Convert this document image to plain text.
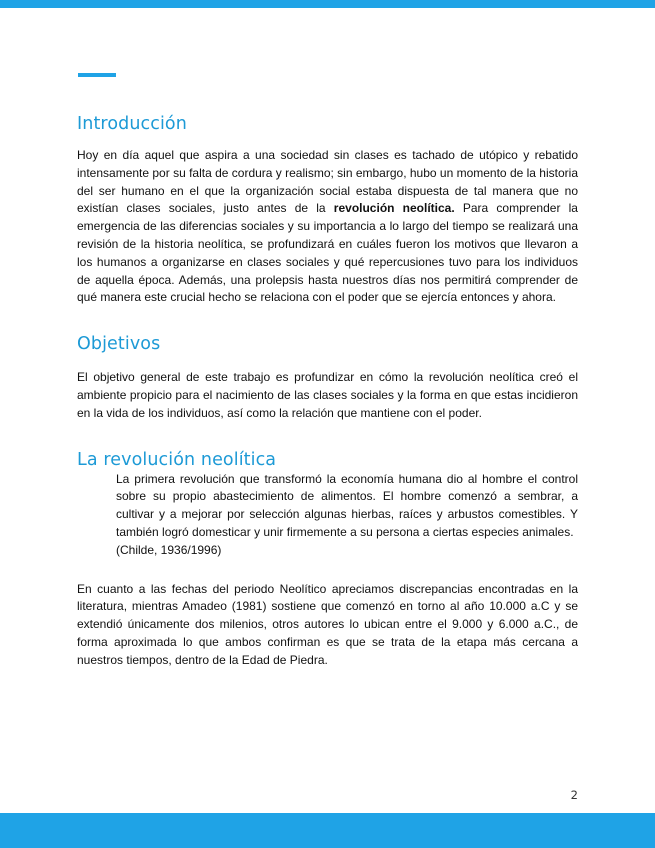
Introducción

Hoy en día aquel que aspira a una sociedad sin clases es tachado de utópico y rebatido intensamente por su falta de cordura y realismo; sin embargo, hubo un momento de la historia del ser humano en el que la organización social estaba dispuesta de tal manera que no existían clases sociales, justo antes de la revolución neolítica. Para comprender la emergencia de las diferencias sociales y su importancia a lo largo del tiempo se realizará una revisión de la historia neolítica, se profundizará en cuáles fueron los motivos que llevaron a los humanos a organizarse en clases sociales y qué repercusiones tuvo para los individuos de aquella época. Además, una prolepsis hasta nuestros días nos permitirá comprender de qué manera este crucial hecho se relaciona con el poder que se ejercía entonces y ahora.

Objetivos

El objetivo general de este trabajo es profundizar en cómo la revolución neolítica creó el ambiente propicio para el nacimiento de las clases sociales y la forma en que estas incidieron en la vida de los individuos, así como la relación que mantiene con el poder.

La revolución neolítica

La primera revolución que transformó la economía humana dio al hombre el control sobre su propio abastecimiento de alimentos. El hombre comenzó a sembrar, a cultivar y a mejorar por selección algunas hierbas, raíces y arbustos comestibles. Y también logró domesticar y unir firmemente a su persona a ciertas especies animales.

(Childe, 1936/1996)

En cuanto a las fechas del periodo Neolítico apreciamos discrepancias encontradas en la literatura, mientras Amadeo (1981) sostiene que comenzó en torno al año 10.000 a.C y se extendió únicamente dos milenios, otros autores lo ubican entre el 9.000 y 6.000 a.C., de forma aproximada lo que ambos confirman es que se trata de la etapa más cercana a nuestros tiempos, dentro de la Edad de Piedra.

2
